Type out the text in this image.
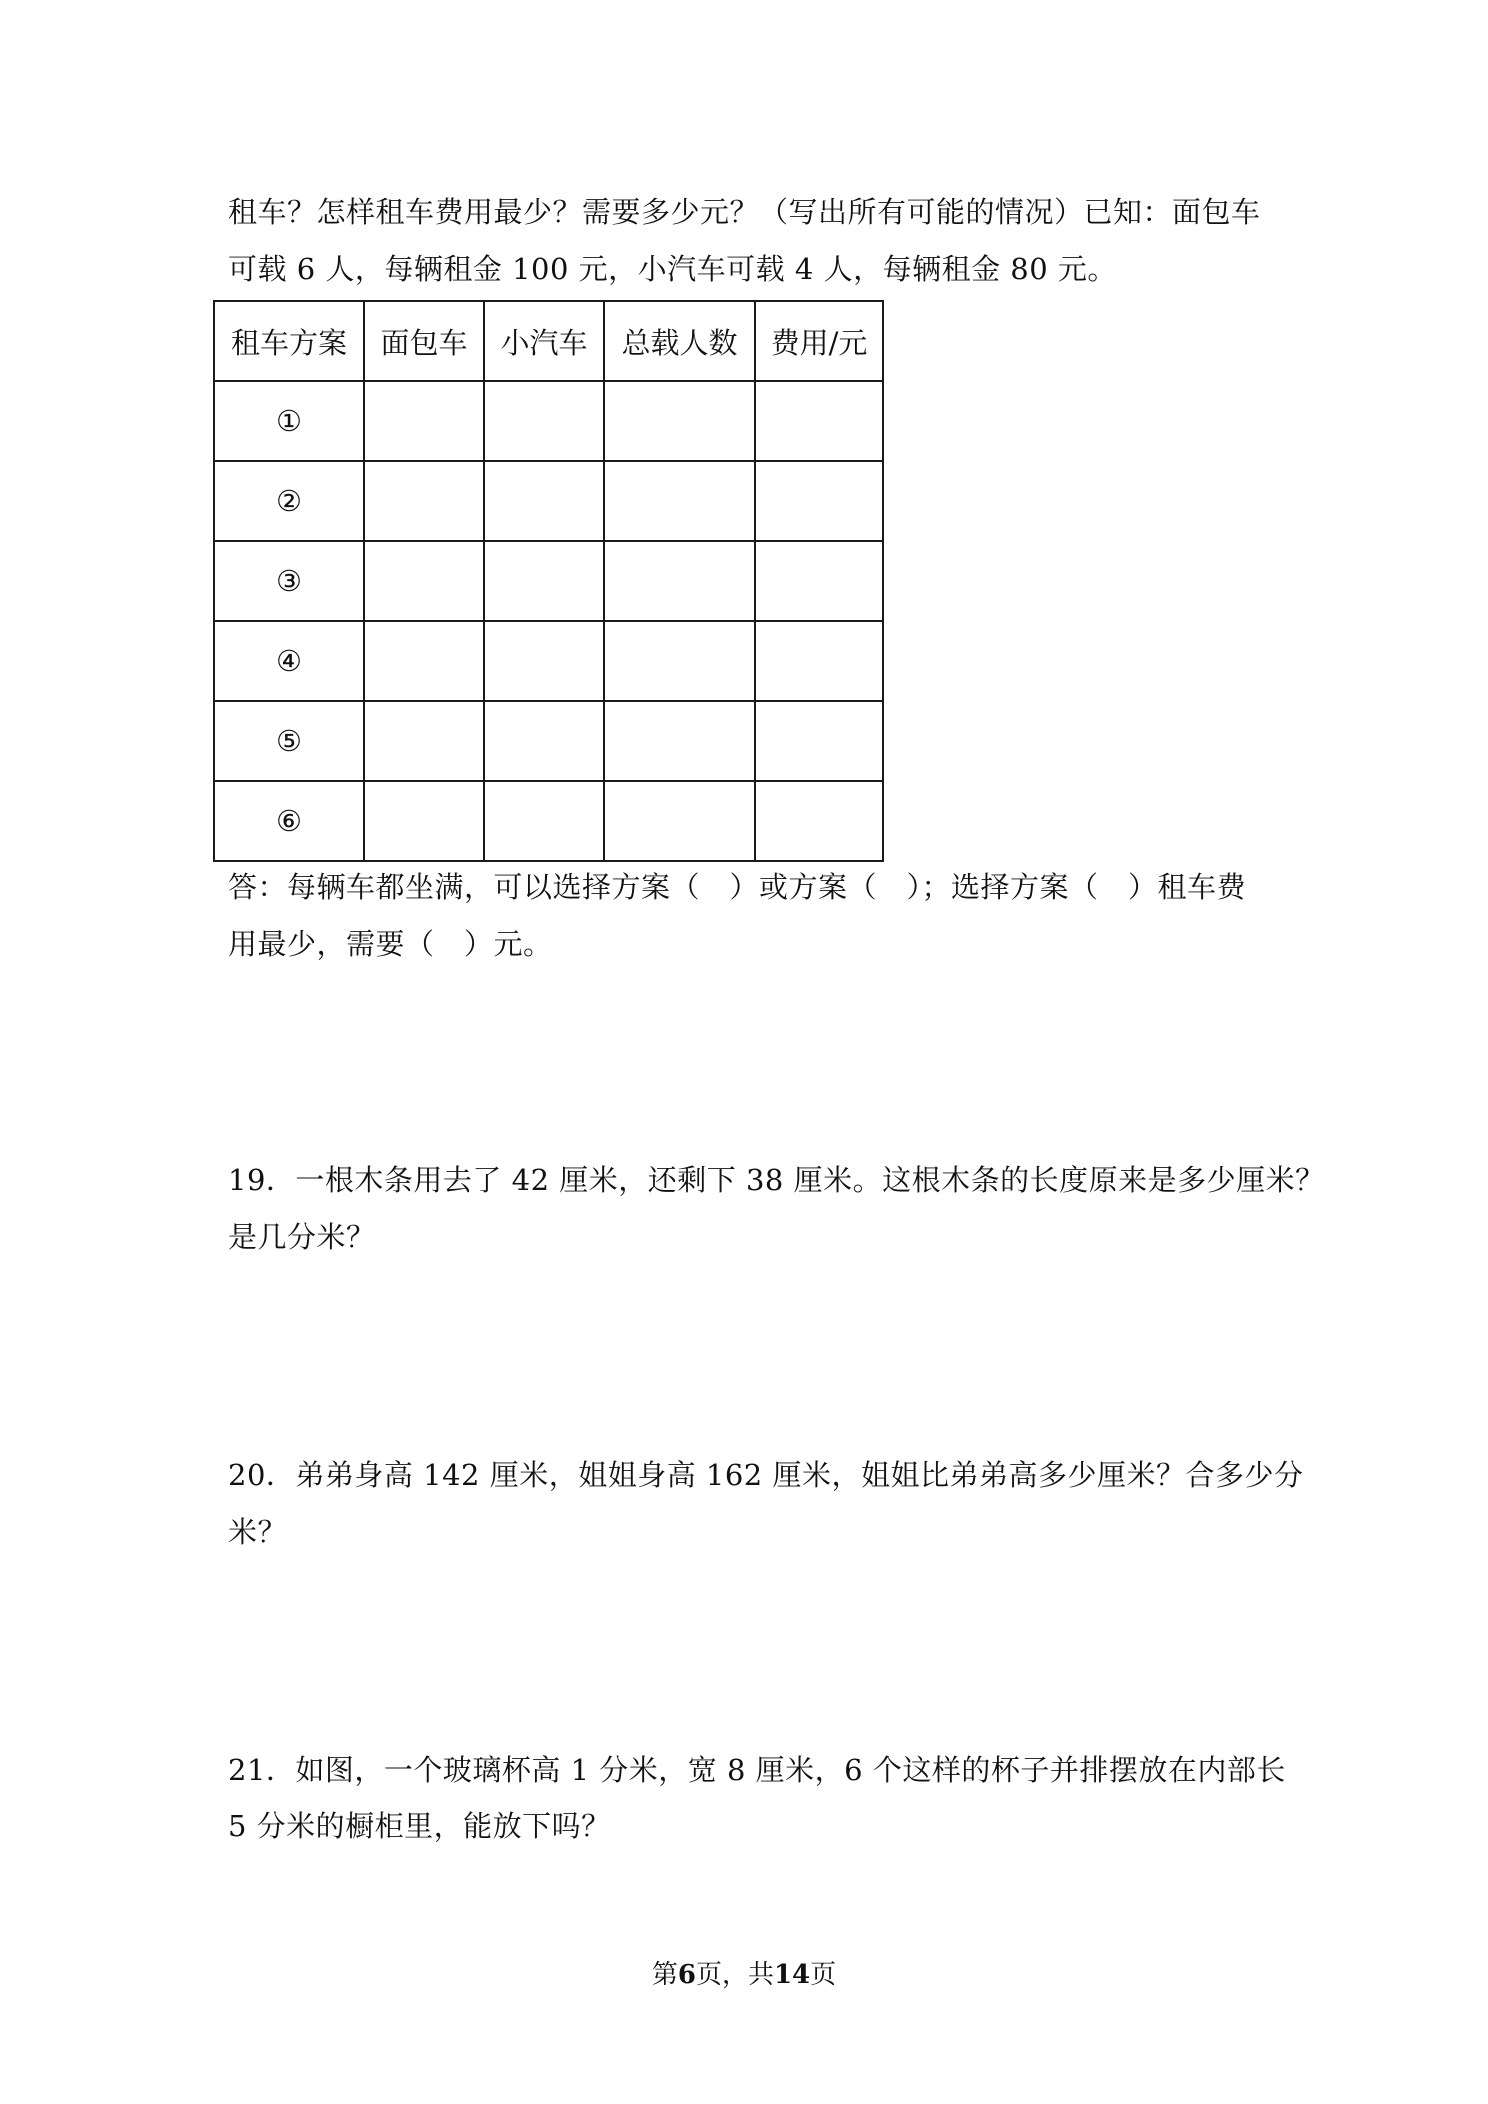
租车？怎样租车费用最少？需要多少元？（写出所有可能的情况）已知：面包车
可载 6 人，每辆租金 100 元，小汽车可载 4 人，每辆租金 80 元。
租车方案	面包车	小汽车	总载人数	费用/元
①				
②				
③				
④				
⑤				
⑥				
答：每辆车都坐满，可以选择方案（　）或方案（　）；选择方案（　）租车费
用最少，需要（　）元。
19．一根木条用去了 42 厘米，还剩下 38 厘米。这根木条的长度原来是多少厘米？
是几分米？
20．弟弟身高 142 厘米，姐姐身高 162 厘米，姐姐比弟弟高多少厘米？合多少分
米？
21．如图，一个玻璃杯高 1 分米，宽 8 厘米，6 个这样的杯子并排摆放在内部长
5 分米的橱柜里，能放下吗？
第6页，共14页
